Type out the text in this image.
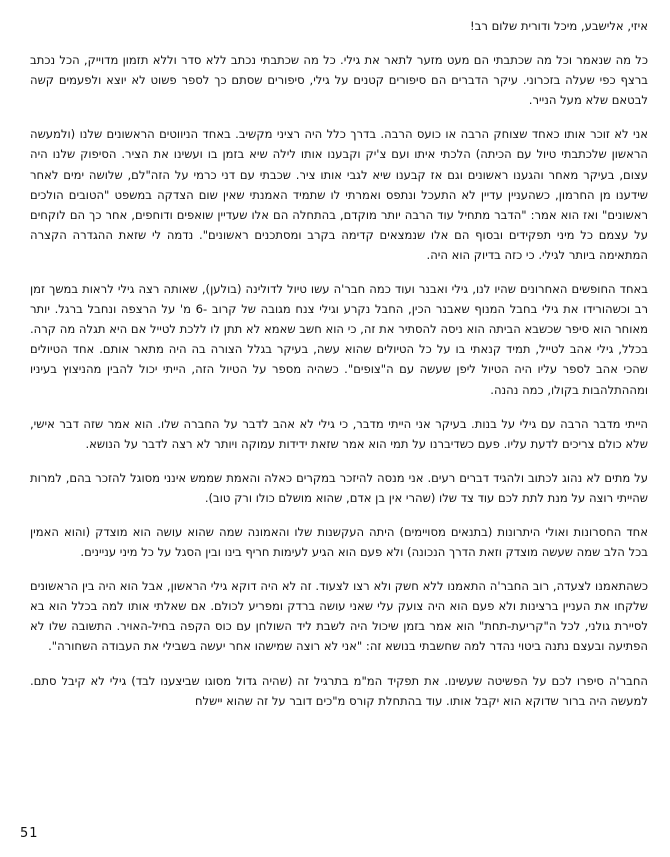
איזי, אלישבע, מיכל ודורית שלום רב!

כל מה שנאמר וכל מה שכתבתי הם מעט מזער לתאר את גילי. כל מה שכתבתי נכתב ללא סדר וללא תזמון מדוייק, הכל נכתב ברצף כפי שעלה בזכרוני. עיקר הדברים הם סיפורים קטנים על גילי, סיפורים שסתם כך לספר פשוט לא יוצא ולפעמים קשה לבטאם שלא מעל הנייר.

אני לא זוכר אותו כאחד שצוחק הרבה או כועס הרבה. בדרך כלל היה רציני מקשיב. באחד הניווטים הראשונים שלנו (ולמעשה הראשון שלכתבתי טיול עם הכיתה) הלכתי איתו ועם צ'יק וקבענו אותו לילה שיא בזמן בו ועשינו את הציר. הסיפוק שלנו היה עצום, בעיקר מאחר והגענו ראשונים וגם אז קבענו שיא לגבי אותו ציר. שכבתי עם דני כרמי על הזה"לם, שלושה ימים לאחר שידענו מן החרמון, כשהעניין עדיין לא התעכל ונתפס ואמרתי לו שתמיד האמנתי שאין שום הצדקה במשפט "הטובים הולכים ראשונים" ואז הוא אמר: "הדבר מתחיל עוד הרבה יותר מוקדם, בהתחלה הם אלו שעדיין שואפים ודוחפים, אחר כך הם לוקחים על עצמם כל מיני תפקידים ובסוף הם אלו שנמצאים קדימה בקרב ומסתכנים ראשונים". נדמה לי שזאת ההגדרה הקצרה המתאימה ביותר לגילי. כי כזה בדיוק הוא היה.

באחד החופשים האחרונים שהיו לנו, גילי ואבנר ועוד כמה חבר'ה עשו טיול לדולינה (בולען), שאותה רצה גילי לראות במשך זמן רב וכשהורידו את גילי בחבל המנוף שאבנר הכין, החבל נקרע וגילי צנח מגובה של קרוב -6 מ' על הרצפה ונחבל ברגל. יותר מאוחר הוא סיפר שכשבא הביתה הוא ניסה להסתיר את זה, כי הוא חשב שאמא לא תתן לו ללכת לטייל אם היא תגלה מה קרה. בכלל, גילי אהב לטייל, תמיד קנאתי בו על כל הטיולים שהוא עשה, בעיקר בגלל הצורה בה היה מתאר אותם. אחד הטיולים שהכי אהב לספר עליו היה הטיול ליפן שעשה עם ה"צופים". כשהיה מספר על הטיול הזה, הייתי יכול להבין מהניצוץ בעיניו ומההתלהבות בקולו, כמה נהנה.

הייתי מדבר הרבה עם גילי על בנות. בעיקר אני הייתי מדבר, כי גילי לא אהב לדבר על החברה שלו. הוא אמר שזה דבר אישי, שלא כולם צריכים לדעת עליו. פעם כשדיברנו על תמי הוא אמר שזאת ידידות עמוקה ויותר לא רצה לדבר על הנושא.

על מתים לא נהוג לכתוב ולהגיד דברים רעים. אני מנסה להיזכר במקרים כאלה והאמת שממש אינני מסוגל להזכר בהם, למרות שהייתי רוצה על מנת לתת לכם עוד צד שלו (שהרי אין בן אדם, שהוא מושלם כולו ורק טוב).

אחד החסרונות ואולי היתרונות (בתנאים מסויימים) היתה העקשנות שלו והאמונה שמה שהוא עושה הוא מוצדק (והוא האמין בכל הלב שמה שעשה מוצדק וזאת הדרך הנכונה) ולא פעם הוא הגיע לעימות חריף בינו ובין הסגל על כל מיני עניינים.

כשהתאמנו לצעדה, רוב החבר'ה התאמנו ללא חשק ולא רצו לצעוד. זה לא היה דוקא גילי הראשון, אבל הוא היה בין הראשונים שלקחו את העניין ברצינות ולא פעם הוא היה צועק עלי שאני עושה ברדק ומפריע לכולם. אם שאלתי אותו למה בכלל הוא בא לסיירת גולני, לכל ה"קריעת-תחת" הוא אמר בזמן שיכול היה לשבת ליד השולחן עם כוס הקפה בחיל-האויר. התשובה שלו לא הפתיעה ובעצם נתנה ביטוי נהדר למה שחשבתי בנושא זה: "אני לא רוצה שמישהו אחר יעשה בשבילי את העבודה השחורה".

החבר'ה סיפרו לכם על הפשיטה שעשינו. את תפקיד המ"מ בתרגיל זה (שהיה גדול מסוגו שביצענו לבד) גילי לא קיבל סתם. למעשה היה ברור שדוקא הוא יקבל אותו. עוד בהתחלת קורס מ"כים דובר על זה שהוא יישלח

51
